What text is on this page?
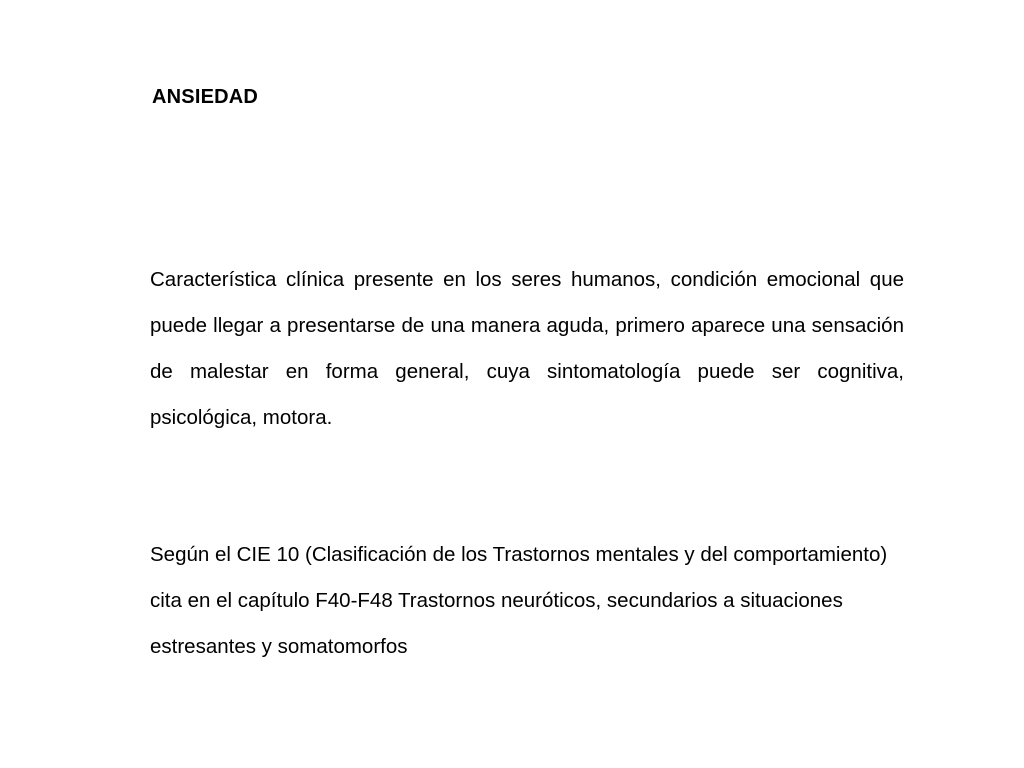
ANSIEDAD

Característica clínica presente en los seres humanos, condición emocional que puede llegar a presentarse de una manera aguda, primero aparece una sensación de malestar en forma general, cuya sintomatología puede ser cognitiva, psicológica, motora.

Según el CIE 10 (Clasificación de los Trastornos mentales y del comportamiento) cita en el capítulo F40-F48 Trastornos neuróticos, secundarios a situaciones estresantes y somatomorfos
